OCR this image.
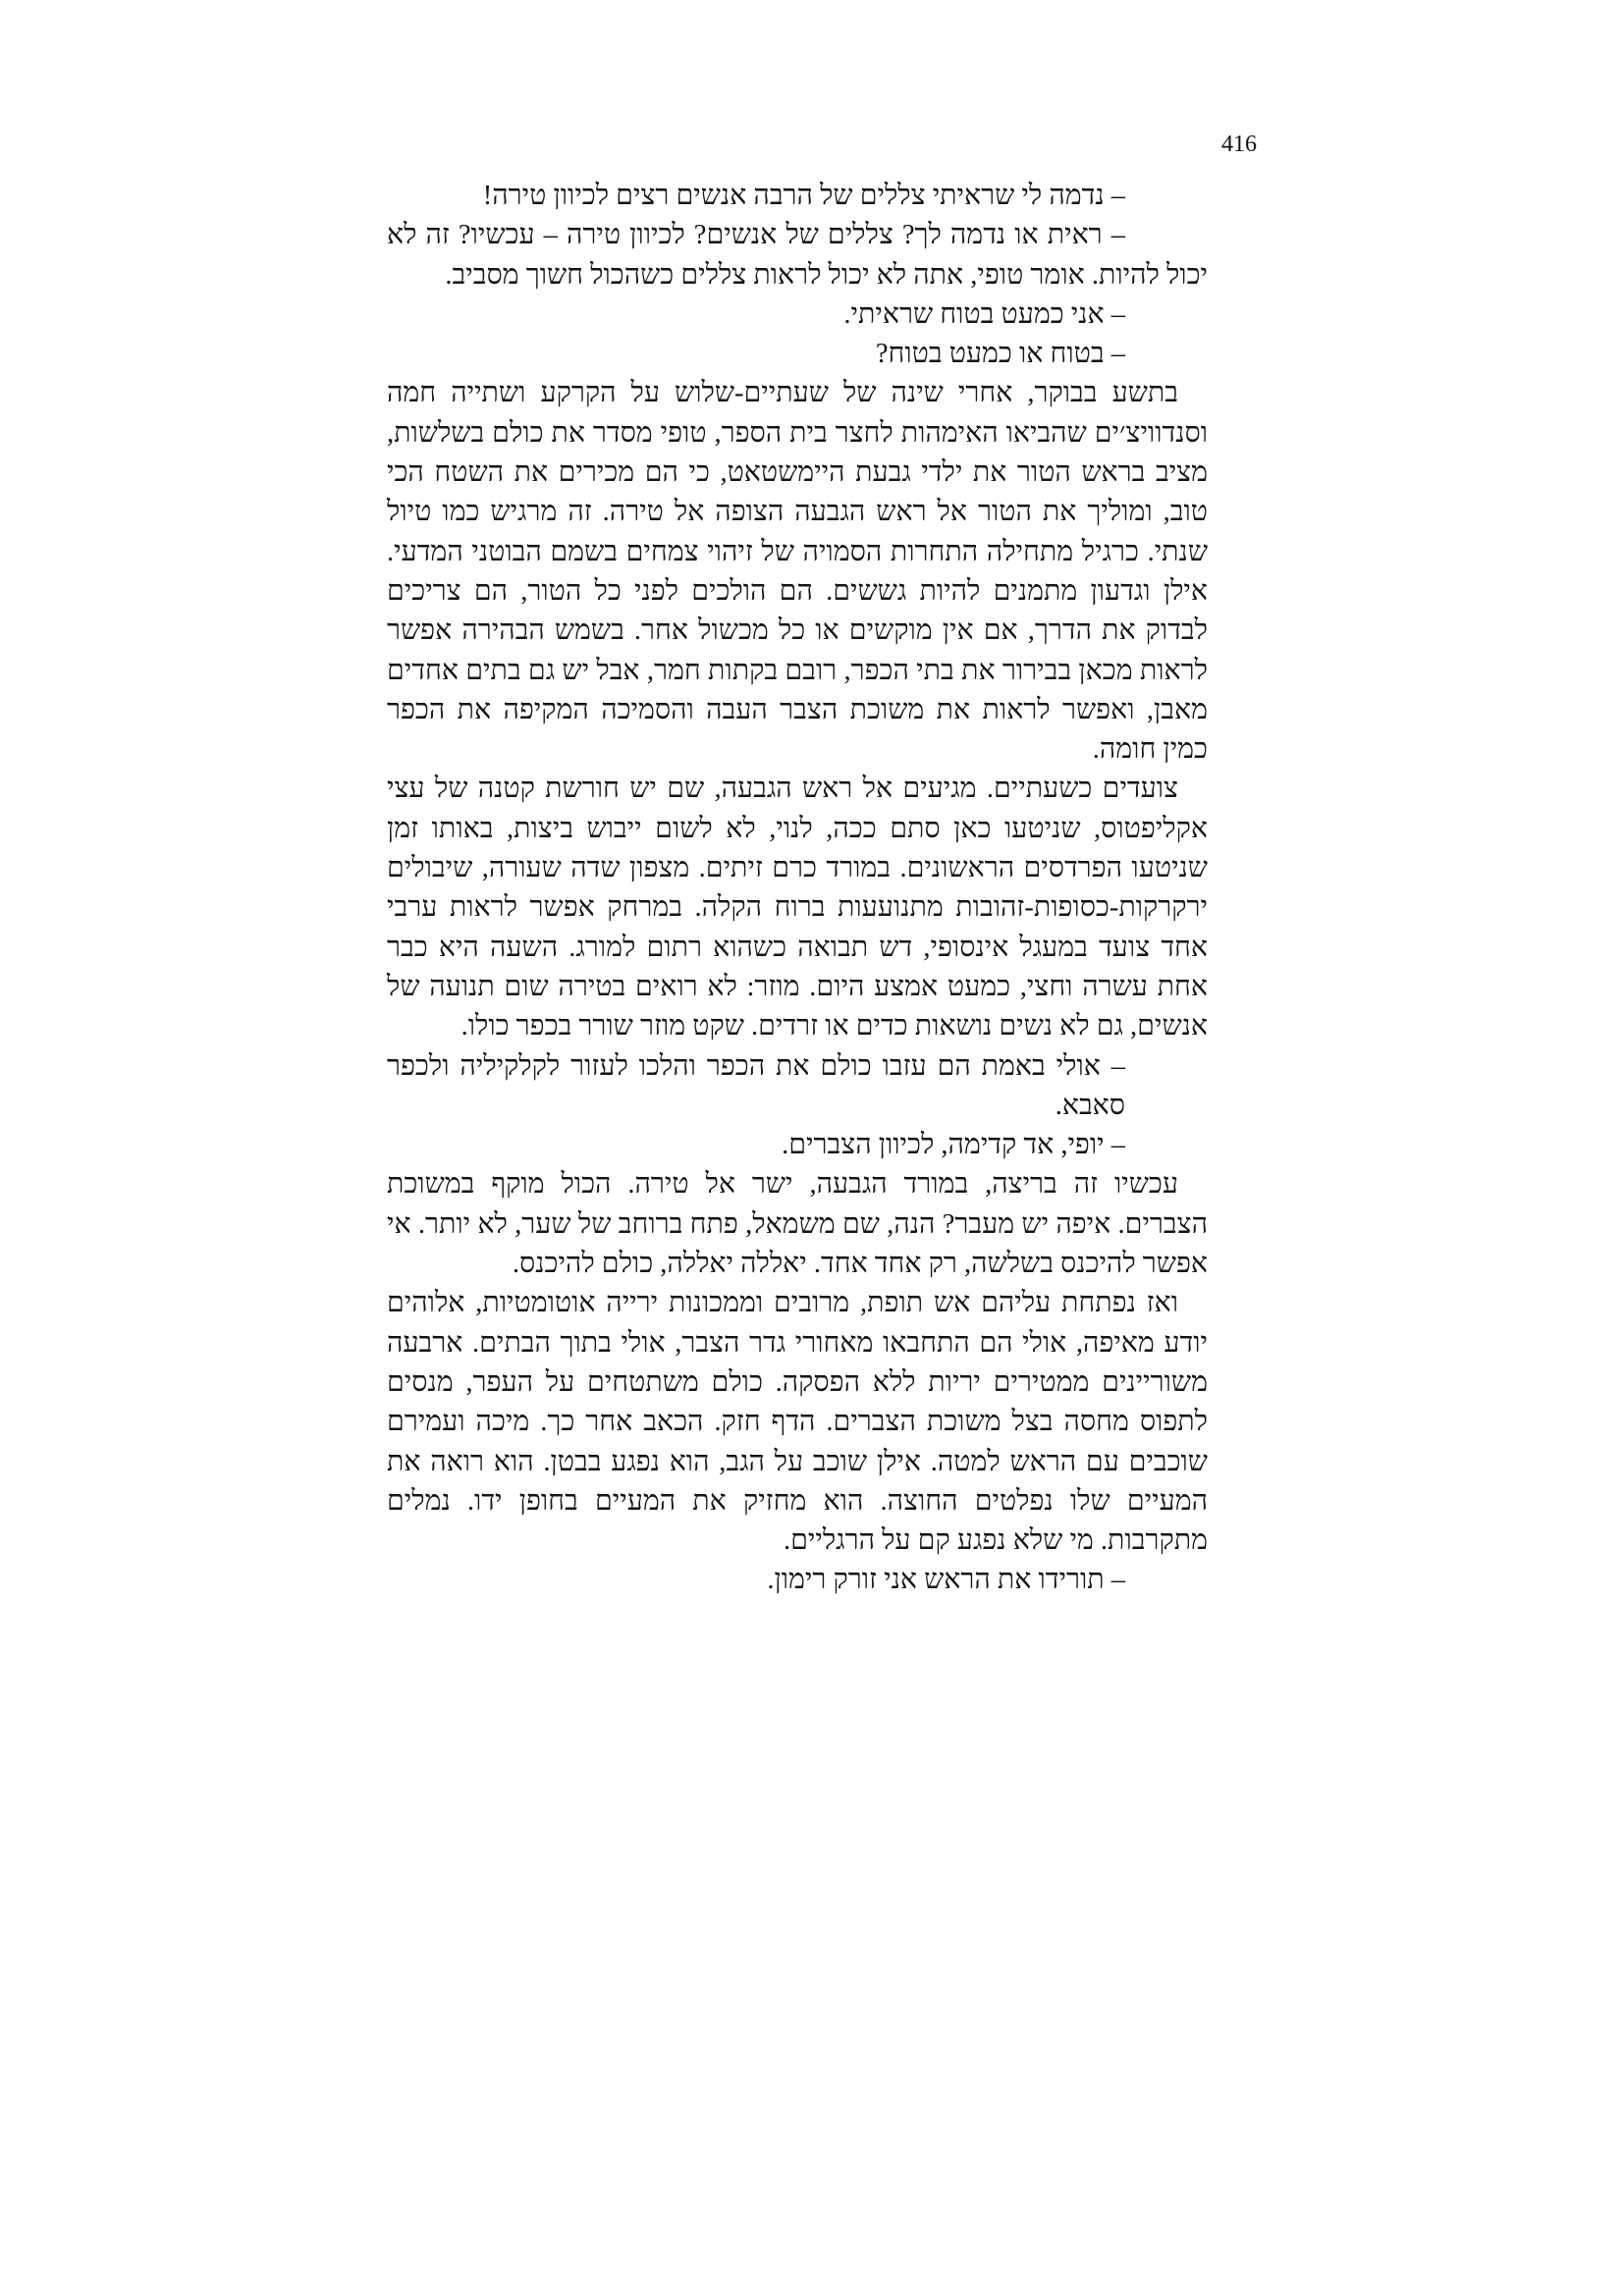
416

– נדמה לי שראיתי צללים של הרבה אנשים רצים לכיוון טירה!

– ראית או נדמה לך? צללים של אנשים? לכיוון טירה – עכשיו? זה לא יכול להיות. אומר טופי, אתה לא יכול לראות צללים כשהכול חשוך מסביב.

– אני כמעט בטוח שראיתי.

– בטוח או כמעט בטוח?

בתשע בבוקר, אחרי שינה של שעתיים-שלוש על הקרקע ושתייה חמה וסנדוויצ׳ים שהביאו האימהות לחצר בית הספר, טופי מסדר את כולם בשלשות, מציב בראש הטור את ילדי גבעת היימשטאט, כי הם מכירים את השטח הכי טוב, ומוליך את הטור אל ראש הגבעה הצופה אל טירה. זה מרגיש כמו טיול שנתי. כרגיל מתחילה התחרות הסמויה של זיהוי צמחים בשמם הבוטני המדעי. אילן וגדעון מתמנים להיות גששים. הם הולכים לפני כל הטור, הם צריכים לבדוק את הדרך, אם אין מוקשים או כל מכשול אחר. בשמש הבהירה אפשר לראות מכאן בבירור את בתי הכפר, רובם בקתות חמר, אבל יש גם בתים אחדים מאבן, ואפשר לראות את משוכת הצבר העבה והסמיכה המקיפה את הכפר כמין חומה.

צועדים כשעתיים. מגיעים אל ראש הגבעה, שם יש חורשת קטנה של עצי אקליפטוס, שניטעו כאן סתם ככה, לנוי, לא לשום ייבוש ביצות, באותו זמן שניטעו הפרדסים הראשונים. במורד כרם זיתים. מצפון שדה שעורה, שיבולים ירקרקות-כסופות-זהובות מתנועעות ברוח הקלה. במרחק אפשר לראות ערבי אחד צועד במעגל אינסופי, דש תבואה כשהוא רתום למורג. השעה היא כבר אחת עשרה וחצי, כמעט אמצע היום. מוזר: לא רואים בטירה שום תנועה של אנשים, גם לא נשים נושאות כדים או זרדים. שקט מוזר שורר בכפר כולו.

– אולי באמת הם עזבו כולם את הכפר והלכו לעזור לקלקיליה ולכפר סאבא.

– יופי, אד קדימה, לכיוון הצברים.

עכשיו זה בריצה, במורד הגבעה, ישר אל טירה. הכול מוקף במשוכת הצברים. איפה יש מעבר? הנה, שם משמאל, פתח ברוחב של שער, לא יותר. אי אפשר להיכנס בשלשה, רק אחד אחד. יאללה יאללה, כולם להיכנס.

ואז נפתחת עליהם אש תופת, מרובים וממכונות ירייה אוטומטיות, אלוהים יודע מאיפה, אולי הם התחבאו מאחורי גדר הצבר, אולי בתוך הבתים. ארבעה משוריינים ממטירים יריות ללא הפסקה. כולם משתטחים על העפר, מנסים לתפוס מחסה בצל משוכת הצברים. הדף חזק. הכאב אחר כך. מיכה ועמירם שוכבים עם הראש למטה. אילן שוכב על הגב, הוא נפגע בבטן. הוא רואה את המעיים שלו נפלטים החוצה. הוא מחזיק את המעיים בחופן ידו. נמלים מתקרבות. מי שלא נפגע קם על הרגליים.

– תורידו את הראש אני זורק רימון.
